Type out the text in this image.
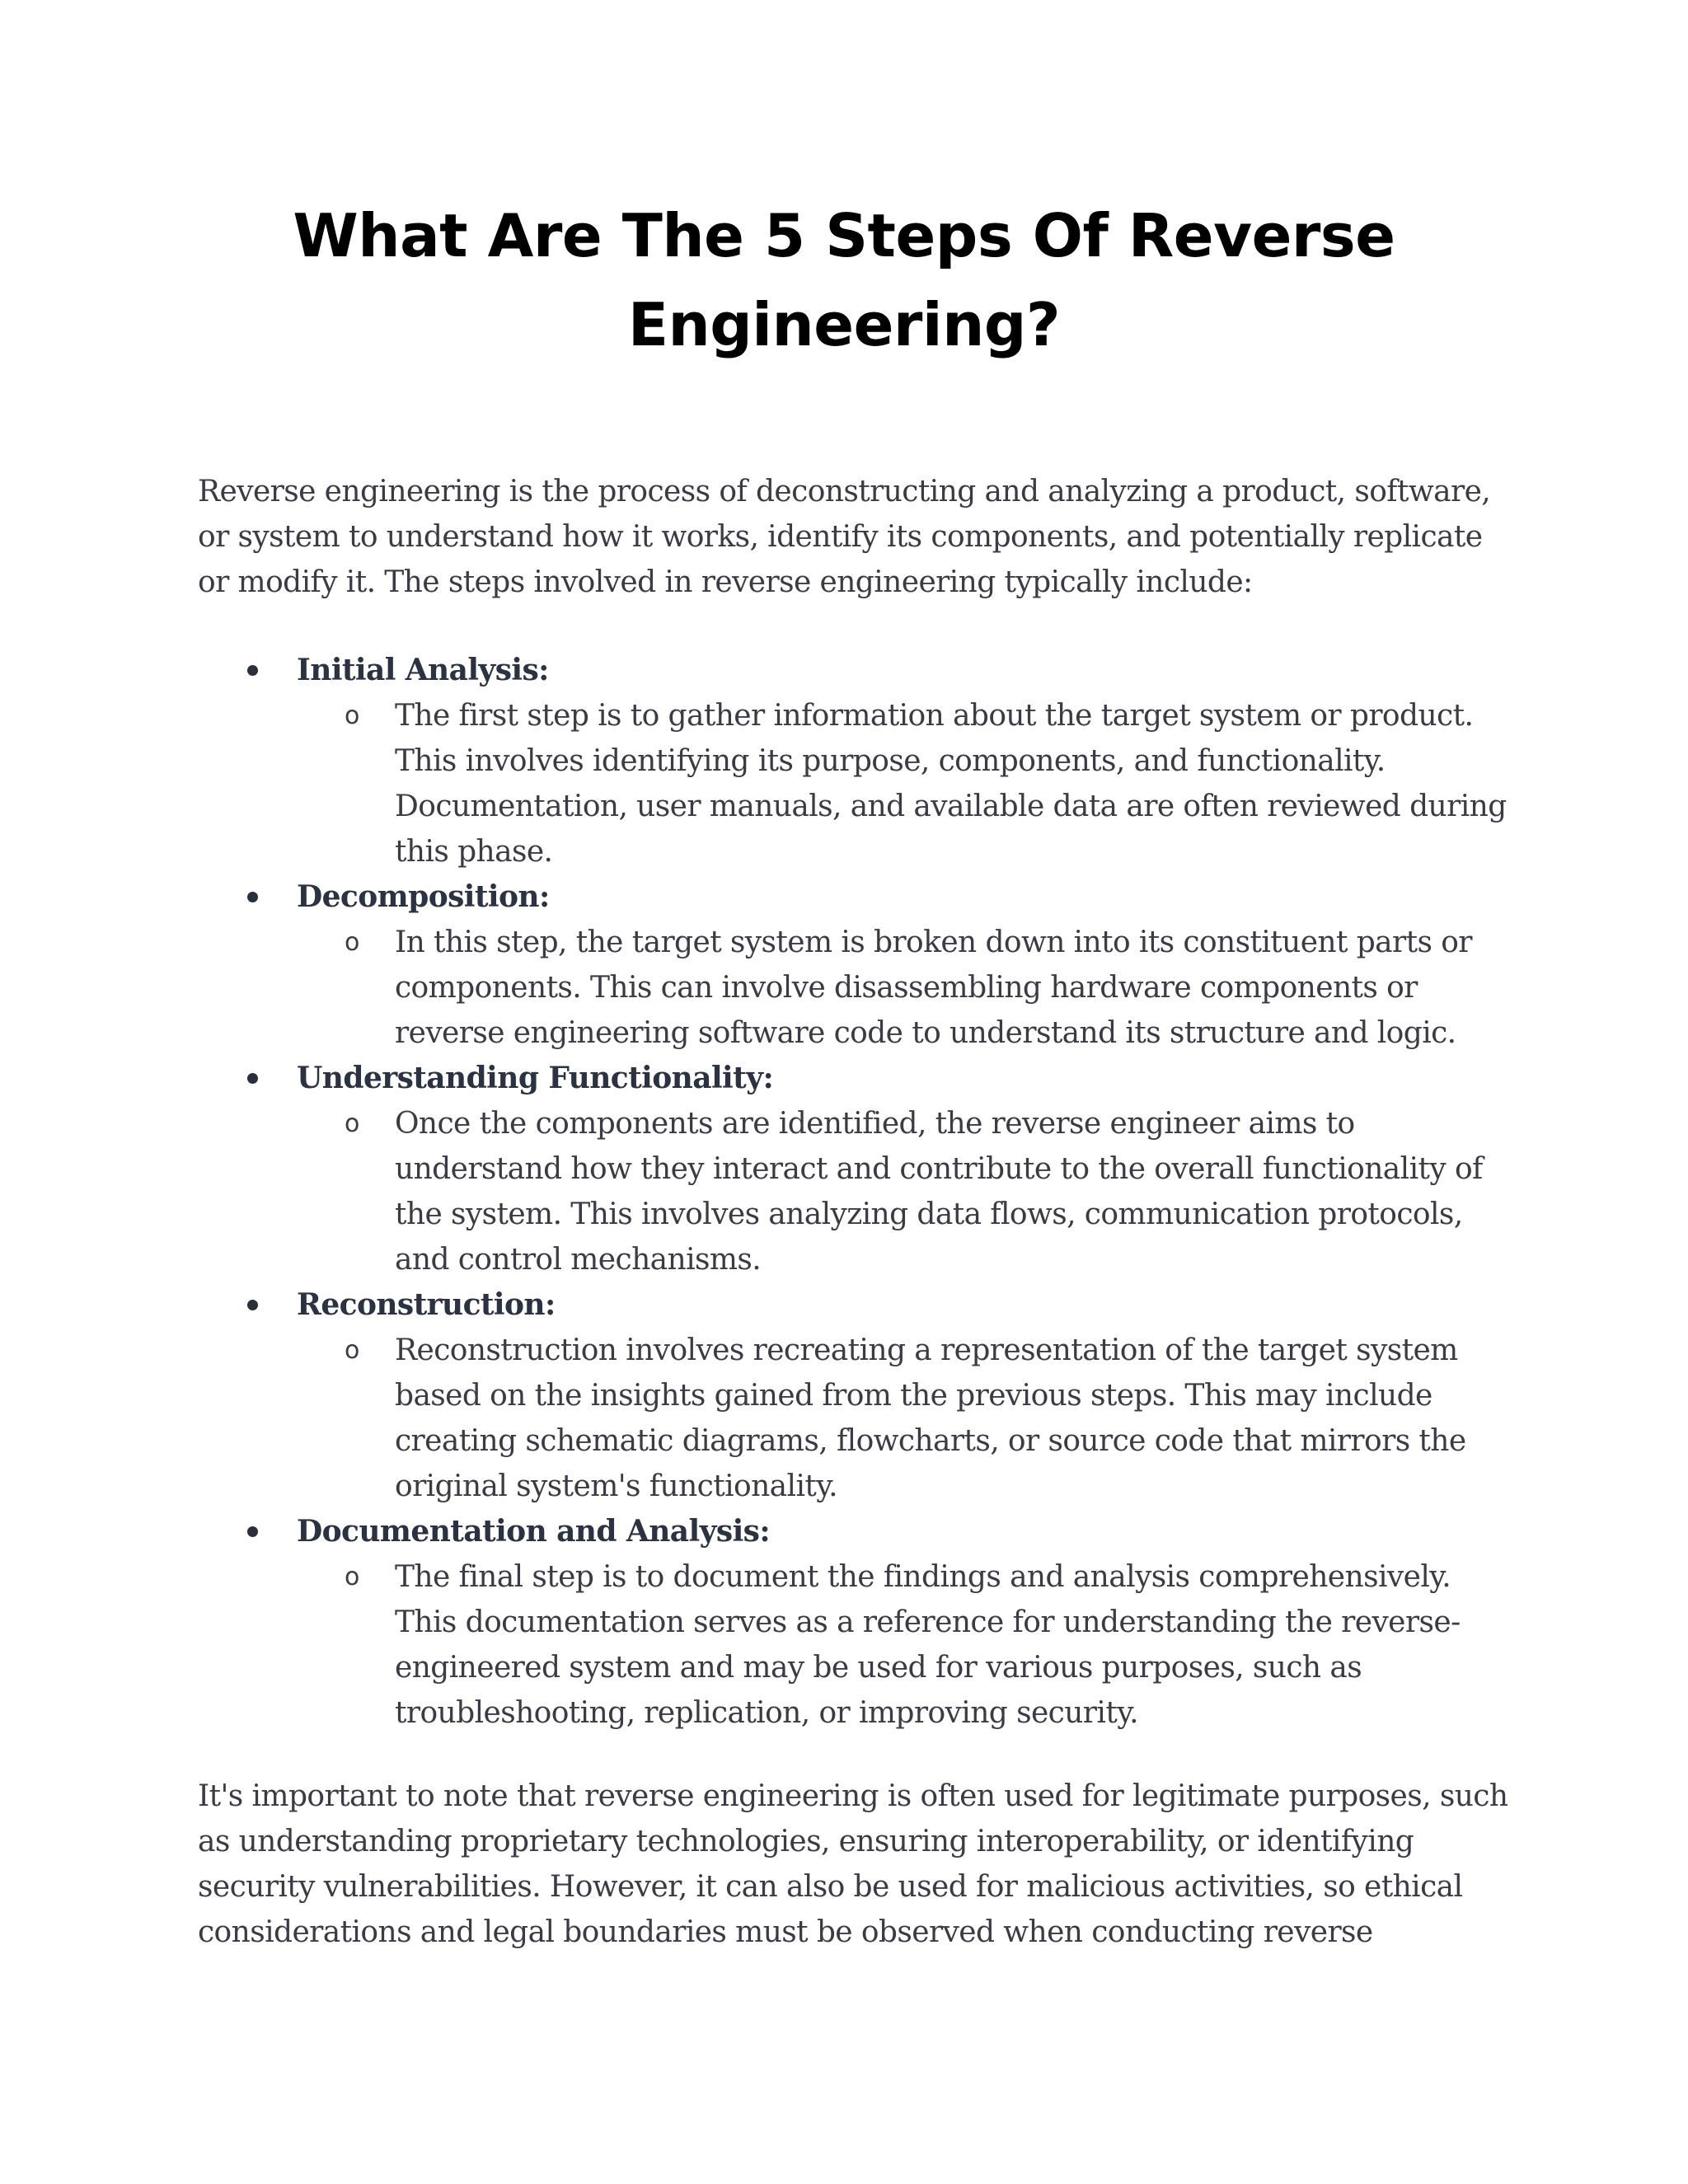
What Are The 5 Steps Of Reverse Engineering?

Reverse engineering is the process of deconstructing and analyzing a product, software, or system to understand how it works, identify its components, and potentially replicate or modify it. The steps involved in reverse engineering typically include:

Initial Analysis:

o The first step is to gather information about the target system or product. This involves identifying its purpose, components, and functionality. Documentation, user manuals, and available data are often reviewed during this phase.

Decomposition:

o In this step, the target system is broken down into its constituent parts or components. This can involve disassembling hardware components or reverse engineering software code to understand its structure and logic.

Understanding Functionality:

o Once the components are identified, the reverse engineer aims to understand how they interact and contribute to the overall functionality of the system. This involves analyzing data flows, communication protocols, and control mechanisms.

Reconstruction:

o Reconstruction involves recreating a representation of the target system based on the insights gained from the previous steps. This may include creating schematic diagrams, flowcharts, or source code that mirrors the original system's functionality.

Documentation and Analysis:

o The final step is to document the findings and analysis comprehensively. This documentation serves as a reference for understanding the reverse-engineered system and may be used for various purposes, such as troubleshooting, replication, or improving security.

It's important to note that reverse engineering is often used for legitimate purposes, such as understanding proprietary technologies, ensuring interoperability, or identifying security vulnerabilities. However, it can also be used for malicious activities, so ethical considerations and legal boundaries must be observed when conducting reverse
